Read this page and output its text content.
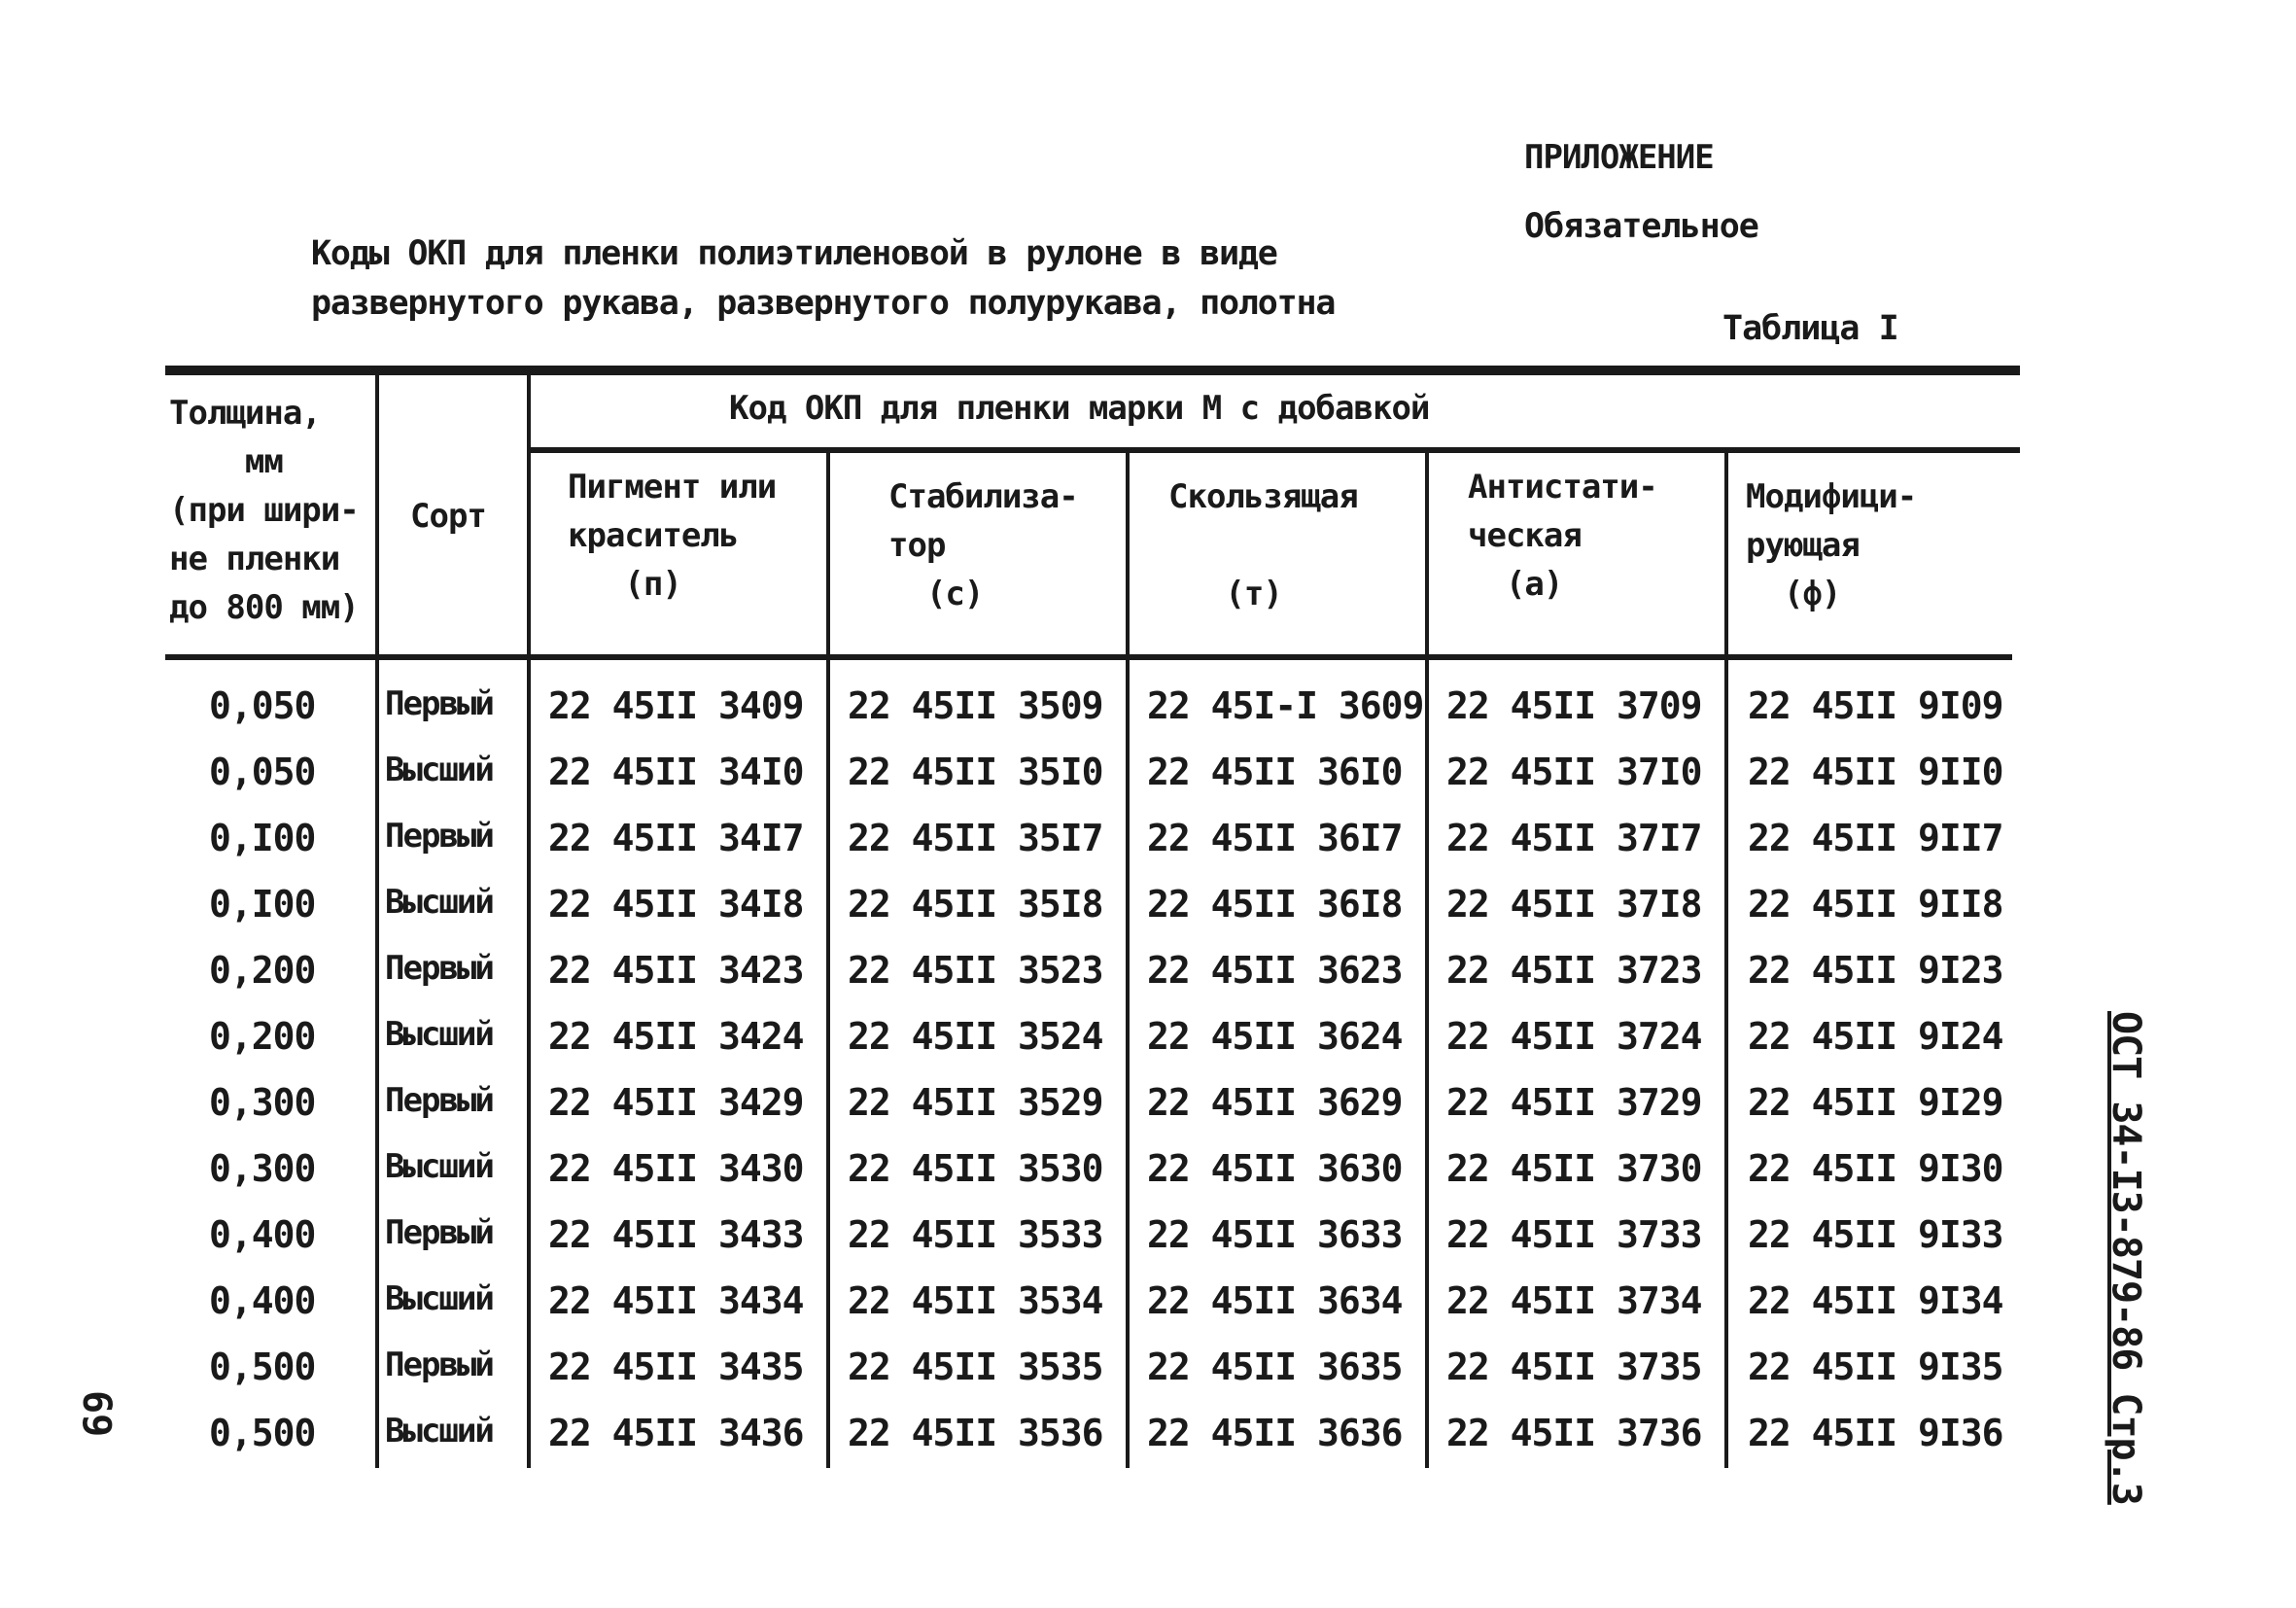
ПРИЛОЖЕНИЕ
Обязательное
Коды ОКП для пленки полиэтиленовой в рулоне в виде
развернутого рукава, развернутого полурукава, полотна
Таблица I
Толщина,
мм
(при шири-
не пленки
до 800 мм)
Сорт
Код ОКП для пленки марки М с добавкой
Пигмент или
краситель
(п)
Стабилиза-
тор
(с)
Скользящая

(т)
Антистати-
ческая
(а)
Модифици-
рующая
(ф)
0,050 Первый 22 45II 3409 22 45II 3509 22 45I-I 3609 22 45II 3709 22 45II 9I09
0,050 Высший 22 45II 34I0 22 45II 35I0 22 45II 36I0 22 45II 37I0 22 45II 9II0
0,I00 Первый 22 45II 34I7 22 45II 35I7 22 45II 36I7 22 45II 37I7 22 45II 9II7
0,I00 Высший 22 45II 34I8 22 45II 35I8 22 45II 36I8 22 45II 37I8 22 45II 9II8
0,200 Первый 22 45II 3423 22 45II 3523 22 45II 3623 22 45II 3723 22 45II 9I23
0,200 Высший 22 45II 3424 22 45II 3524 22 45II 3624 22 45II 3724 22 45II 9I24
0,300 Первый 22 45II 3429 22 45II 3529 22 45II 3629 22 45II 3729 22 45II 9I29
0,300 Высший 22 45II 3430 22 45II 3530 22 45II 3630 22 45II 3730 22 45II 9I30
0,400 Первый 22 45II 3433 22 45II 3533 22 45II 3633 22 45II 3733 22 45II 9I33
0,400 Высший 22 45II 3434 22 45II 3534 22 45II 3634 22 45II 3734 22 45II 9I34
0,500 Первый 22 45II 3435 22 45II 3535 22 45II 3635 22 45II 3735 22 45II 9I35
0,500 Высший 22 45II 3436 22 45II 3536 22 45II 3636 22 45II 3736 22 45II 9I36
69	ОСТ 34-I3-879-86 Стр.3
